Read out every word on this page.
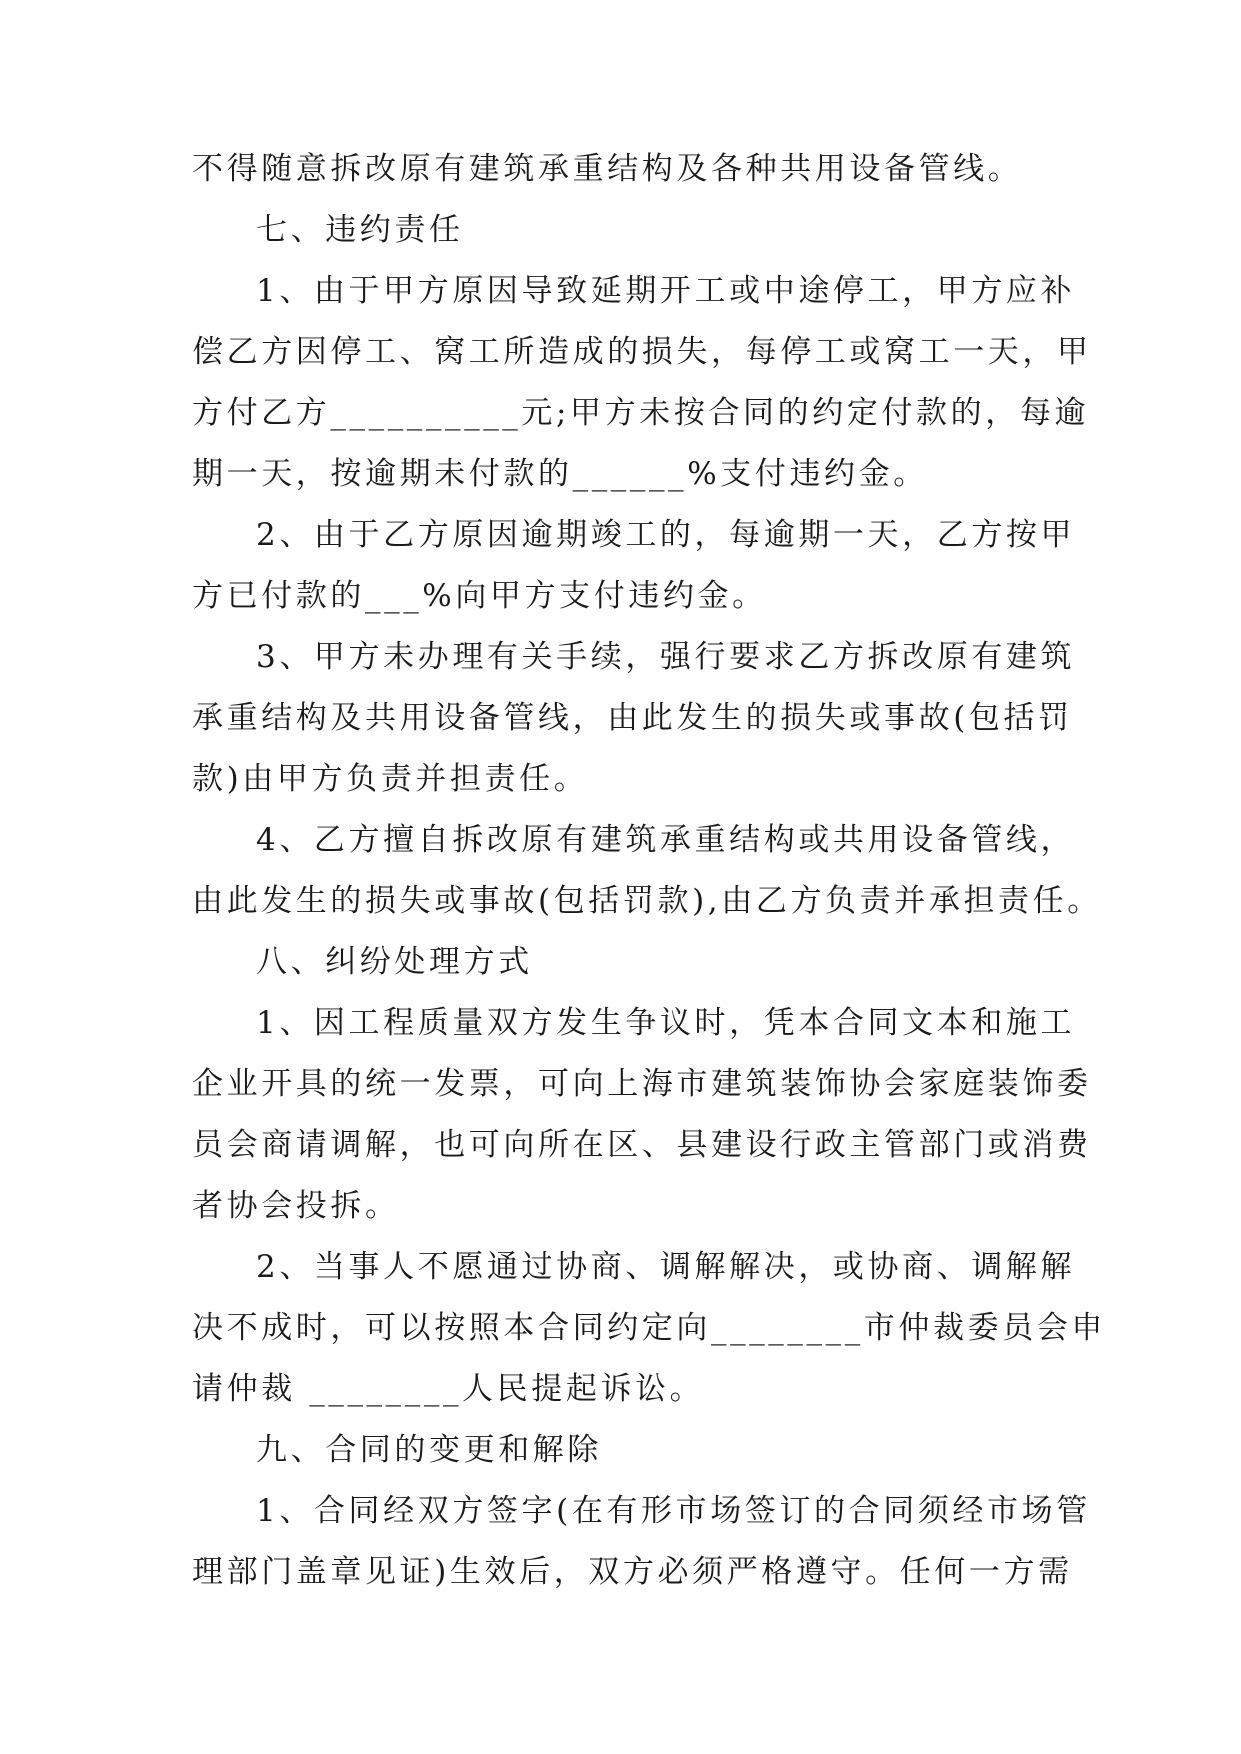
不得随意拆改原有建筑承重结构及各种共用设备管线。
七、违约责任
1、由于甲方原因导致延期开工或中途停工，甲方应补
偿乙方因停工、窝工所造成的损失，每停工或窝工一天，甲
方付乙方__________元;甲方未按合同的约定付款的，每逾
期一天，按逾期未付款的______%支付违约金。
2、由于乙方原因逾期竣工的，每逾期一天，乙方按甲
方已付款的___%向甲方支付违约金。
3、甲方未办理有关手续，强行要求乙方拆改原有建筑
承重结构及共用设备管线，由此发生的损失或事故(包括罚
款)由甲方负责并担责任。
4、乙方擅自拆改原有建筑承重结构或共用设备管线，
由此发生的损失或事故(包括罚款),由乙方负责并承担责任。
八、纠纷处理方式
1、因工程质量双方发生争议时，凭本合同文本和施工
企业开具的统一发票，可向上海市建筑装饰协会家庭装饰委
员会商请调解，也可向所在区、县建设行政主管部门或消费
者协会投拆。
2、当事人不愿通过协商、调解解决，或协商、调解解
决不成时，可以按照本合同约定向________市仲裁委员会申
请仲裁 ________人民提起诉讼。
九、合同的变更和解除
1、合同经双方签字(在有形市场签订的合同须经市场管
理部门盖章见证)生效后，双方必须严格遵守。任何一方需
